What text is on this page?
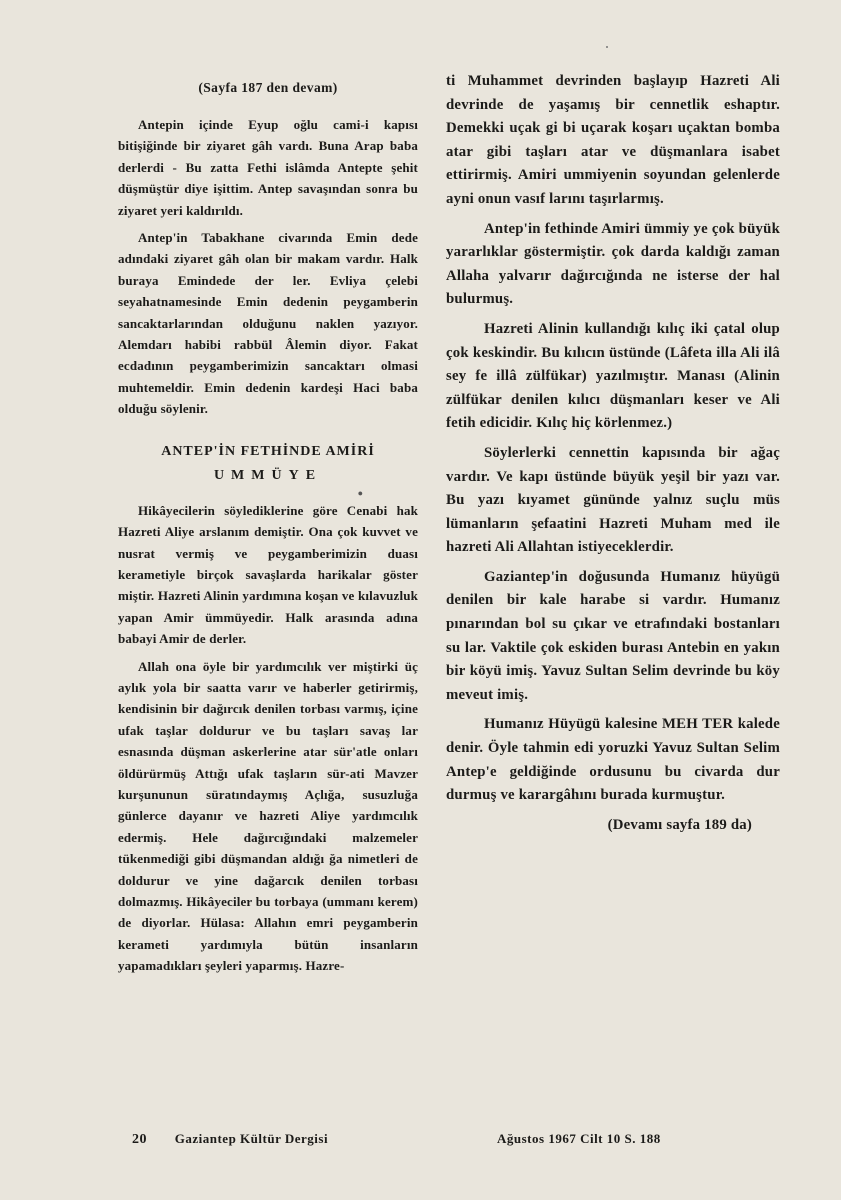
(Sayfa 187 den devam)

Antepin içinde Eyup oğlu cami-i kapısı bitişiğinde bir ziyaret gâh vardı. Buna Arap baba derlerdi - Bu zatta Fethi islâmda Antepte şehit düşmüştür diye işittim. Antep savaşından sonra bu ziyaret yeri kaldırıldı.

Antep'in Tabakhane civarında Emin dede adındaki ziyaret gâh olan bir makam vardır. Halk buraya Emindede der ler. Evliya çelebi seyahatnamesinde Emin dedenin peygamberin sancaktarlarından olduğunu naklen yazıyor. Alemdarı habibi rabbül Âlemin diyor. Fakat ecdadının peygamberimizin sancaktarı olmasi muhtemeldir. Emin dedenin kardeşi Haci baba olduğu söylenir.

ANTEP'İN FETHİNDE AMİRİ
UMMÜYE
●

Hikâyecilerin söylediklerine göre Cenabi hak Hazreti Aliye arslanım demiştir. Ona çok kuvvet ve nusrat vermiş ve peygamberimizin duası kerametiyle birçok savaşlarda harikalar göster miştir. Hazreti Alinin yardımına koşan ve kılavuzluk yapan Amir ümmüyedir. Halk arasında adına babayi Amir de derler.

Allah ona öyle bir yardımcılık ver miştirki üç aylık yola bir saatta varır ve haberler getirirmiş, kendisinin bir dağırcık denilen torbası varmış, içine ufak taşlar doldurur ve bu taşları savaş lar esnasında düşman askerlerine atar sür'atle onları öldürürmüş Attığı ufak taşların sür-ati Mavzer kurşununun süratındaymış Açlığa, susuzluğa günlerce dayanır ve hazreti Aliye yardımcılık edermiş. Hele dağırcığındaki malzemeler tükenmediği gibi düşmandan aldığı ğa nimetleri de doldurur ve yine dağarcık denilen torbası dolmazmış. Hikâyeciler bu torbaya (ummanı kerem) de diyorlar. Hülasa: Allahın emri peygamberin kerameti yardımıyla bütün insanların yapamadıkları şeyleri yaparmış. Hazre-

ti Muhammet devrinden başlayıp Hazreti Ali devrinde de yaşamış bir cennetlik eshaptır. Demekki uçak gi bi uçarak koşarı uçaktan bomba atar gibi taşları atar ve düşmanlara isabet ettirirmiş. Amiri ummiyenin soyundan gelenlerde ayni onun vasıf larını taşırlarmış.

Antep'in fethinde Amiri ümmiy ye çok büyük yararlıklar göstermiştir. çok darda kaldığı zaman Allaha yalvarır dağırcığında ne isterse der hal bulurmuş.

Hazreti Alinin kullandığı kılıç iki çatal olup çok keskindir. Bu kılıcın üstünde (Lâfeta illa Ali ilâ sey fe illâ zülfükar) yazılmıştır. Manası (Alinin zülfükar denilen kılıcı düşmanları keser ve Ali fetih edicidir. Kılıç hiç körlenmez.)

Söylerlerki cennettin kapısında bir ağaç vardır. Ve kapı üstünde büyük yeşil bir yazı var. Bu yazı kıyamet gününde yalnız suçlu müs lümanların şefaatini Hazreti Muham med ile hazreti Ali Allahtan istiyeceklerdir.

Gaziantep'in doğusunda Humanız hüyügü denilen bir kale harabe si vardır. Humanız pınarından bol su çıkar ve etrafındaki bostanları su lar. Vaktile çok eskiden burası Antebin en yakın bir köyü imiş. Yavuz Sultan Selim devrinde bu köy meveut imiş.

Humanız Hüyügü kalesine MEH TER kalede denir. Öyle tahmin edi yoruzki Yavuz Sultan Selim Antep'e geldiğinde ordusunu bu civarda dur durmuş ve karargâhını burada kurmuştur.

(Devamı sayfa 189 da)

20 Gaziantep Kültür Dergisi	Ağustos 1967 Cilt 10 S. 188
